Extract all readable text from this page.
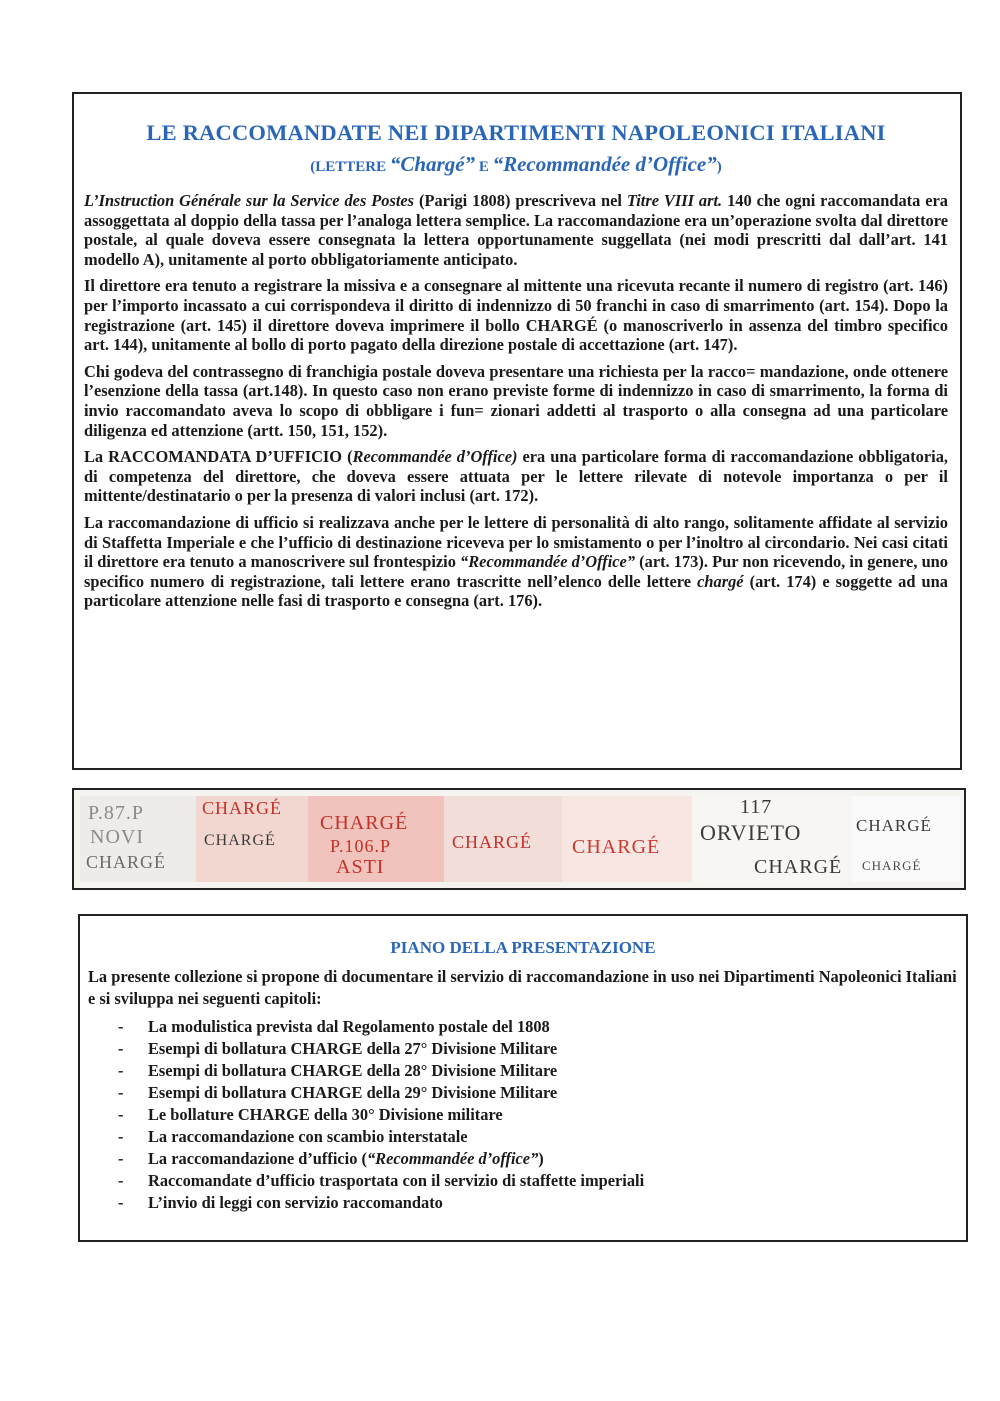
LE RACCOMANDATE NEI DIPARTIMENTI NAPOLEONICI ITALIANI
(LETTERE “Chargé” E “Recommandée d’Office”)

L’Instruction Générale sur la Service des Postes (Parigi 1808) prescriveva nel Titre VIII art. 140 che ogni raccomandata era assoggettata al doppio della tassa per l’analoga lettera semplice. La raccomandazione era un’operazione svolta dal direttore postale, al quale doveva essere consegnata la lettera opportunamente suggellata (nei modi prescritti dal dall’art. 141 modello A), unitamente al porto obbligatoriamente anticipato.

Il direttore era tenuto a registrare la missiva e a consegnare al mittente una ricevuta recante il numero di registro (art. 146) per l’importo incassato a cui corrispondeva il diritto di indennizzo di 50 franchi in caso di smarrimento (art. 154). Dopo la registrazione (art. 145) il direttore doveva imprimere il bollo CHARGÉ (o manoscriverlo in assenza del timbro specifico art. 144), unitamente al bollo di porto pagato della direzione postale di accettazione (art. 147).

Chi godeva del contrassegno di franchigia postale doveva presentare una richiesta per la racco= mandazione, onde ottenere l’esenzione della tassa (art.148). In questo caso non erano previste forme di indennizzo in caso di smarrimento, la forma di invio raccomandato aveva lo scopo di obbligare i fun= zionari addetti al trasporto o alla consegna ad una particolare diligenza ed attenzione (artt. 150, 151, 152).

La RACCOMANDATA D’UFFICIO (Recommandée d’Office) era una particolare forma di raccomandazione obbligatoria, di competenza del direttore, che doveva essere attuata per le lettere rilevate di notevole importanza o per il mittente/destinatario o per la presenza di valori inclusi (art. 172).

La raccomandazione di ufficio si realizzava anche per le lettere di personalità di alto rango, solitamente affidate al servizio di Staffetta Imperiale e che l’ufficio di destinazione riceveva per lo smistamento o per l’inoltro al circondario. Nei casi citati il direttore era tenuto a manoscrivere sul frontespizio “Recommandée d’Office” (art. 173). Pur non ricevendo, in genere, uno specifico numero di registrazione, tali lettere erano trascritte nell’elenco delle lettere chargé (art. 174) e soggette ad una particolare attenzione nelle fasi di trasporto e consegna (art. 176).

P.87.P
NOVI
CHARGÉ
CHARGÉ
CHARGÉ
CHARGÉ
P.106.P
ASTI
CHARGÉ CHARGÉ
117
ORVIETO
CHARGÉ
CHARGÉ
CHARGÉ
PIANO DELLA PRESENTAZIONE
La presente collezione si propone di documentare il servizio di raccomandazione in uso nei Dipartimenti Napoleonici Italiani e si sviluppa nei seguenti capitoli:
- La modulistica prevista dal Regolamento postale del 1808
- Esempi di bollatura CHARGE della 27° Divisione Militare
- Esempi di bollatura CHARGE della 28° Divisione Militare
- Esempi di bollatura CHARGE della 29° Divisione Militare
- Le bollature CHARGE della 30° Divisione militare
- La raccomandazione con scambio interstatale
- La raccomandazione d’ufficio (“Recommandée d’office”)
- Raccomandate d’ufficio trasportata con il servizio di staffette imperiali
- L’invio di leggi con servizio raccomandato
